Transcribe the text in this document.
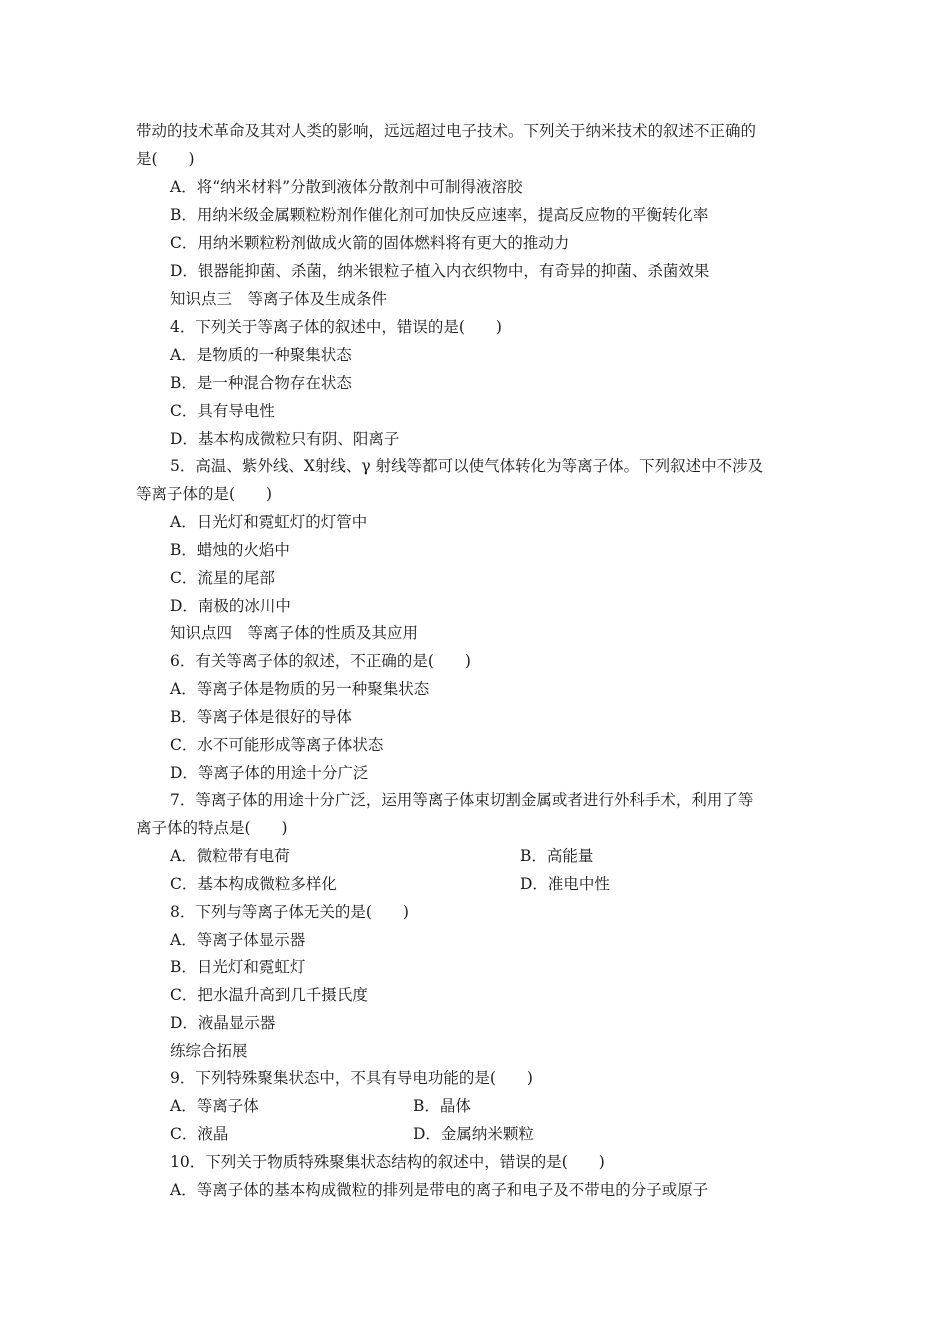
带动的技术革命及其对人类的影响，远远超过电子技术。下列关于纳米技术的叙述不正确的
是(　　)
A．将“纳米材料”分散到液体分散剂中可制得液溶胶
B．用纳米级金属颗粒粉剂作催化剂可加快反应速率，提高反应物的平衡转化率
C．用纳米颗粒粉剂做成火箭的固体燃料将有更大的推动力
D．银器能抑菌、杀菌，纳米银粒子植入内衣织物中，有奇异的抑菌、杀菌效果
知识点三　等离子体及生成条件
4．下列关于等离子体的叙述中，错误的是(　　)
A．是物质的一种聚集状态
B．是一种混合物存在状态
C．具有导电性
D．基本构成微粒只有阴、阳离子
5．高温、紫外线、X射线、γ 射线等都可以使气体转化为等离子体。下列叙述中不涉及
等离子体的是(　　)
A．日光灯和霓虹灯的灯管中
B．蜡烛的火焰中
C．流星的尾部
D．南极的冰川中
知识点四　等离子体的性质及其应用
6．有关等离子体的叙述，不正确的是(　　)
A．等离子体是物质的另一种聚集状态
B．等离子体是很好的导体
C．水不可能形成等离子体状态
D．等离子体的用途十分广泛
7．等离子体的用途十分广泛，运用等离子体束切割金属或者进行外科手术，利用了等
离子体的特点是(　　)
A．微粒带有电荷	B．高能量
C．基本构成微粒多样化	D．准电中性
8．下列与等离子体无关的是(　　)
A．等离子体显示器
B．日光灯和霓虹灯
C．把水温升高到几千摄氏度
D．液晶显示器
练综合拓展
9．下列特殊聚集状态中，不具有导电功能的是(　　)
A．等离子体	B．晶体
C．液晶	D．金属纳米颗粒
10．下列关于物质特殊聚集状态结构的叙述中，错误的是(　　)
A．等离子体的基本构成微粒的排列是带电的离子和电子及不带电的分子或原子
